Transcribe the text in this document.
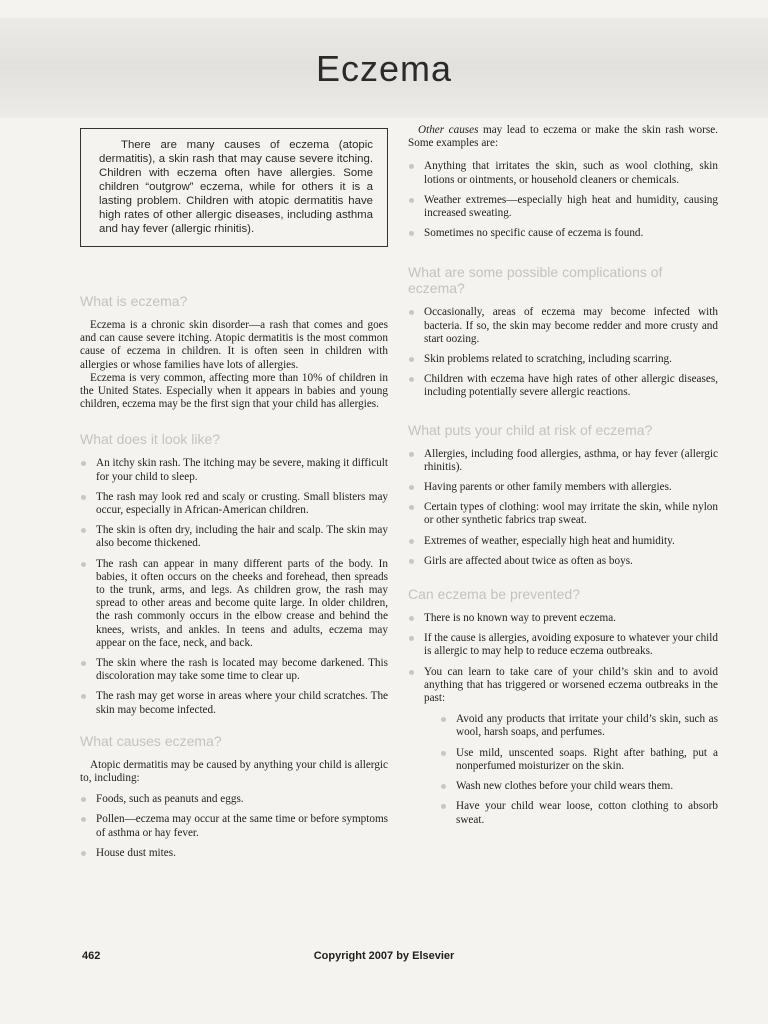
Eczema
There are many causes of eczema (atopic dermatitis), a skin rash that may cause severe itching. Children with eczema often have allergies. Some children “outgrow” eczema, while for others it is a lasting problem. Children with atopic dermatitis have high rates of other allergic diseases, including asthma and hay fever (allergic rhinitis).
What is eczema?

Eczema is a chronic skin disorder—a rash that comes and goes and can cause severe itching. Atopic dermatitis is the most common cause of eczema in children. It is often seen in children with allergies or whose families have lots of allergies.

Eczema is very common, affecting more than 10% of children in the United States. Especially when it appears in babies and young children, eczema may be the first sign that your child has allergies.

What does it look like?
An itchy skin rash. The itching may be severe, making it difficult for your child to sleep.
The rash may look red and scaly or crusting. Small blisters may occur, especially in African-American children.
The skin is often dry, including the hair and scalp. The skin may also become thickened.
The rash can appear in many different parts of the body. In babies, it often occurs on the cheeks and forehead, then spreads to the trunk, arms, and legs. As children grow, the rash may spread to other areas and become quite large. In older children, the rash commonly occurs in the elbow crease and behind the knees, wrists, and ankles. In teens and adults, eczema may appear on the face, neck, and back.
The skin where the rash is located may become darkened. This discoloration may take some time to clear up.
The rash may get worse in areas where your child scratches. The skin may become infected.
What causes eczema?

Atopic dermatitis may be caused by anything your child is allergic to, including:

Foods, such as peanuts and eggs.
Pollen—eczema may occur at the same time or before symptoms of asthma or hay fever.
House dust mites.

Other causes may lead to eczema or make the skin rash worse. Some examples are:

Anything that irritates the skin, such as wool clothing, skin lotions or ointments, or household cleaners or chemicals.
Weather extremes—especially high heat and humidity, causing increased sweating.
Sometimes no specific cause of eczema is found.
What are some possible complications of eczema?
Occasionally, areas of eczema may become infected with bacteria. If so, the skin may become redder and more crusty and start oozing.
Skin problems related to scratching, including scarring.
Children with eczema have high rates of other allergic diseases, including potentially severe allergic reactions.
What puts your child at risk of eczema?
Allergies, including food allergies, asthma, or hay fever (allergic rhinitis).
Having parents or other family members with allergies.
Certain types of clothing: wool may irritate the skin, while nylon or other synthetic fabrics trap sweat.
Extremes of weather, especially high heat and humidity.
Girls are affected about twice as often as boys.
Can eczema be prevented?
There is no known way to prevent eczema.
If the cause is allergies, avoiding exposure to whatever your child is allergic to may help to reduce eczema outbreaks.
You can learn to take care of your child’s skin and to avoid anything that has triggered or worsened eczema outbreaks in the past:
Avoid any products that irritate your child’s skin, such as wool, harsh soaps, and perfumes.
Use mild, unscented soaps. Right after bathing, put a nonperfumed moisturizer on the skin.
Wash new clothes before your child wears them.
Have your child wear loose, cotton clothing to absorb sweat.
462	Copyright 2007 by Elsevier
